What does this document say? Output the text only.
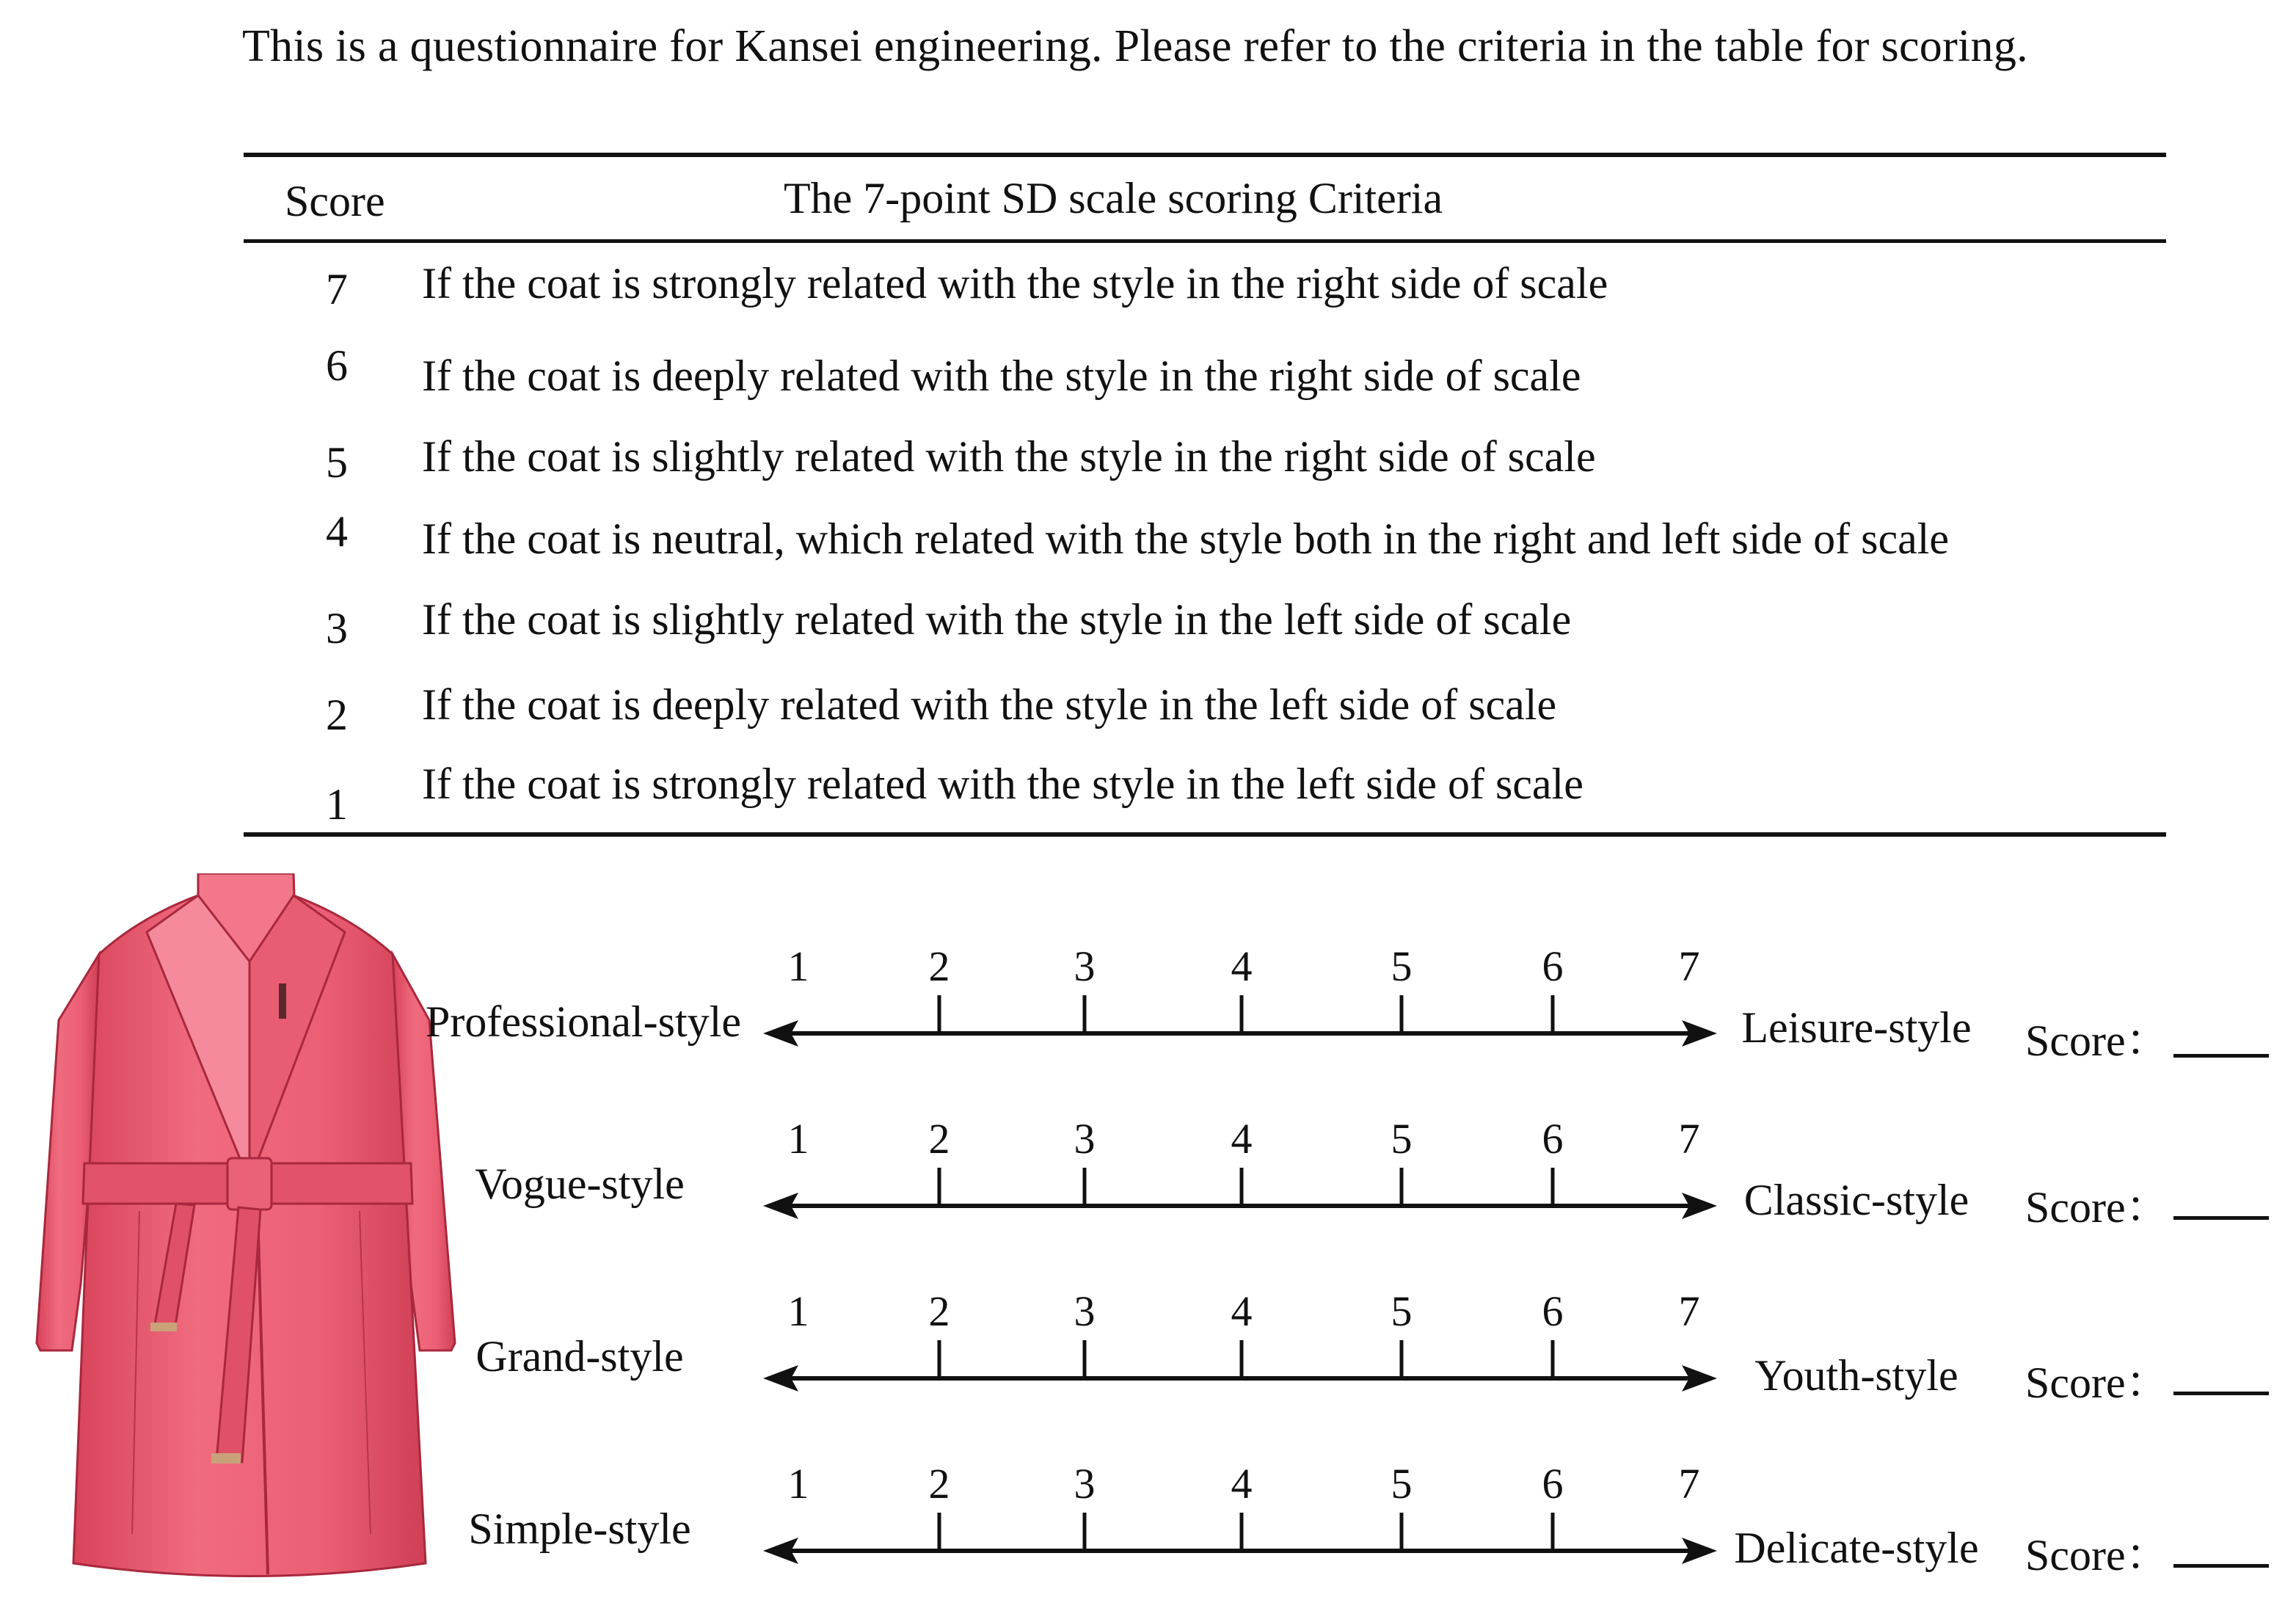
This is a questionnaire for Kansei engineering. Please refer to the criteria in the table for scoring.
Score	The 7-point SD scale scoring Criteria
7 If the coat is strongly related with the style in the right side of scale
6 If the coat is deeply related with the style in the right side of scale
5 If the coat is slightly related with the style in the right side of scale
4 If the coat is neutral, which related with the style both in the right and left side of scale
3 If the coat is slightly related with the style in the left side of scale
2 If the coat is deeply related with the style in the left side of scale
1 If the coat is strongly related with the style in the left side of scale
Professional-style
1	2	3	4	5	6	7
Leisure-style	Score：
Vogue-style
1	2	3	4	5	6	7
Classic-style	Score：
Grand-style
1	2	3	4	5	6	7
Youth-style	Score：
Simple-style
1	2	3	4	5	6	7
Delicate-style	Score：
